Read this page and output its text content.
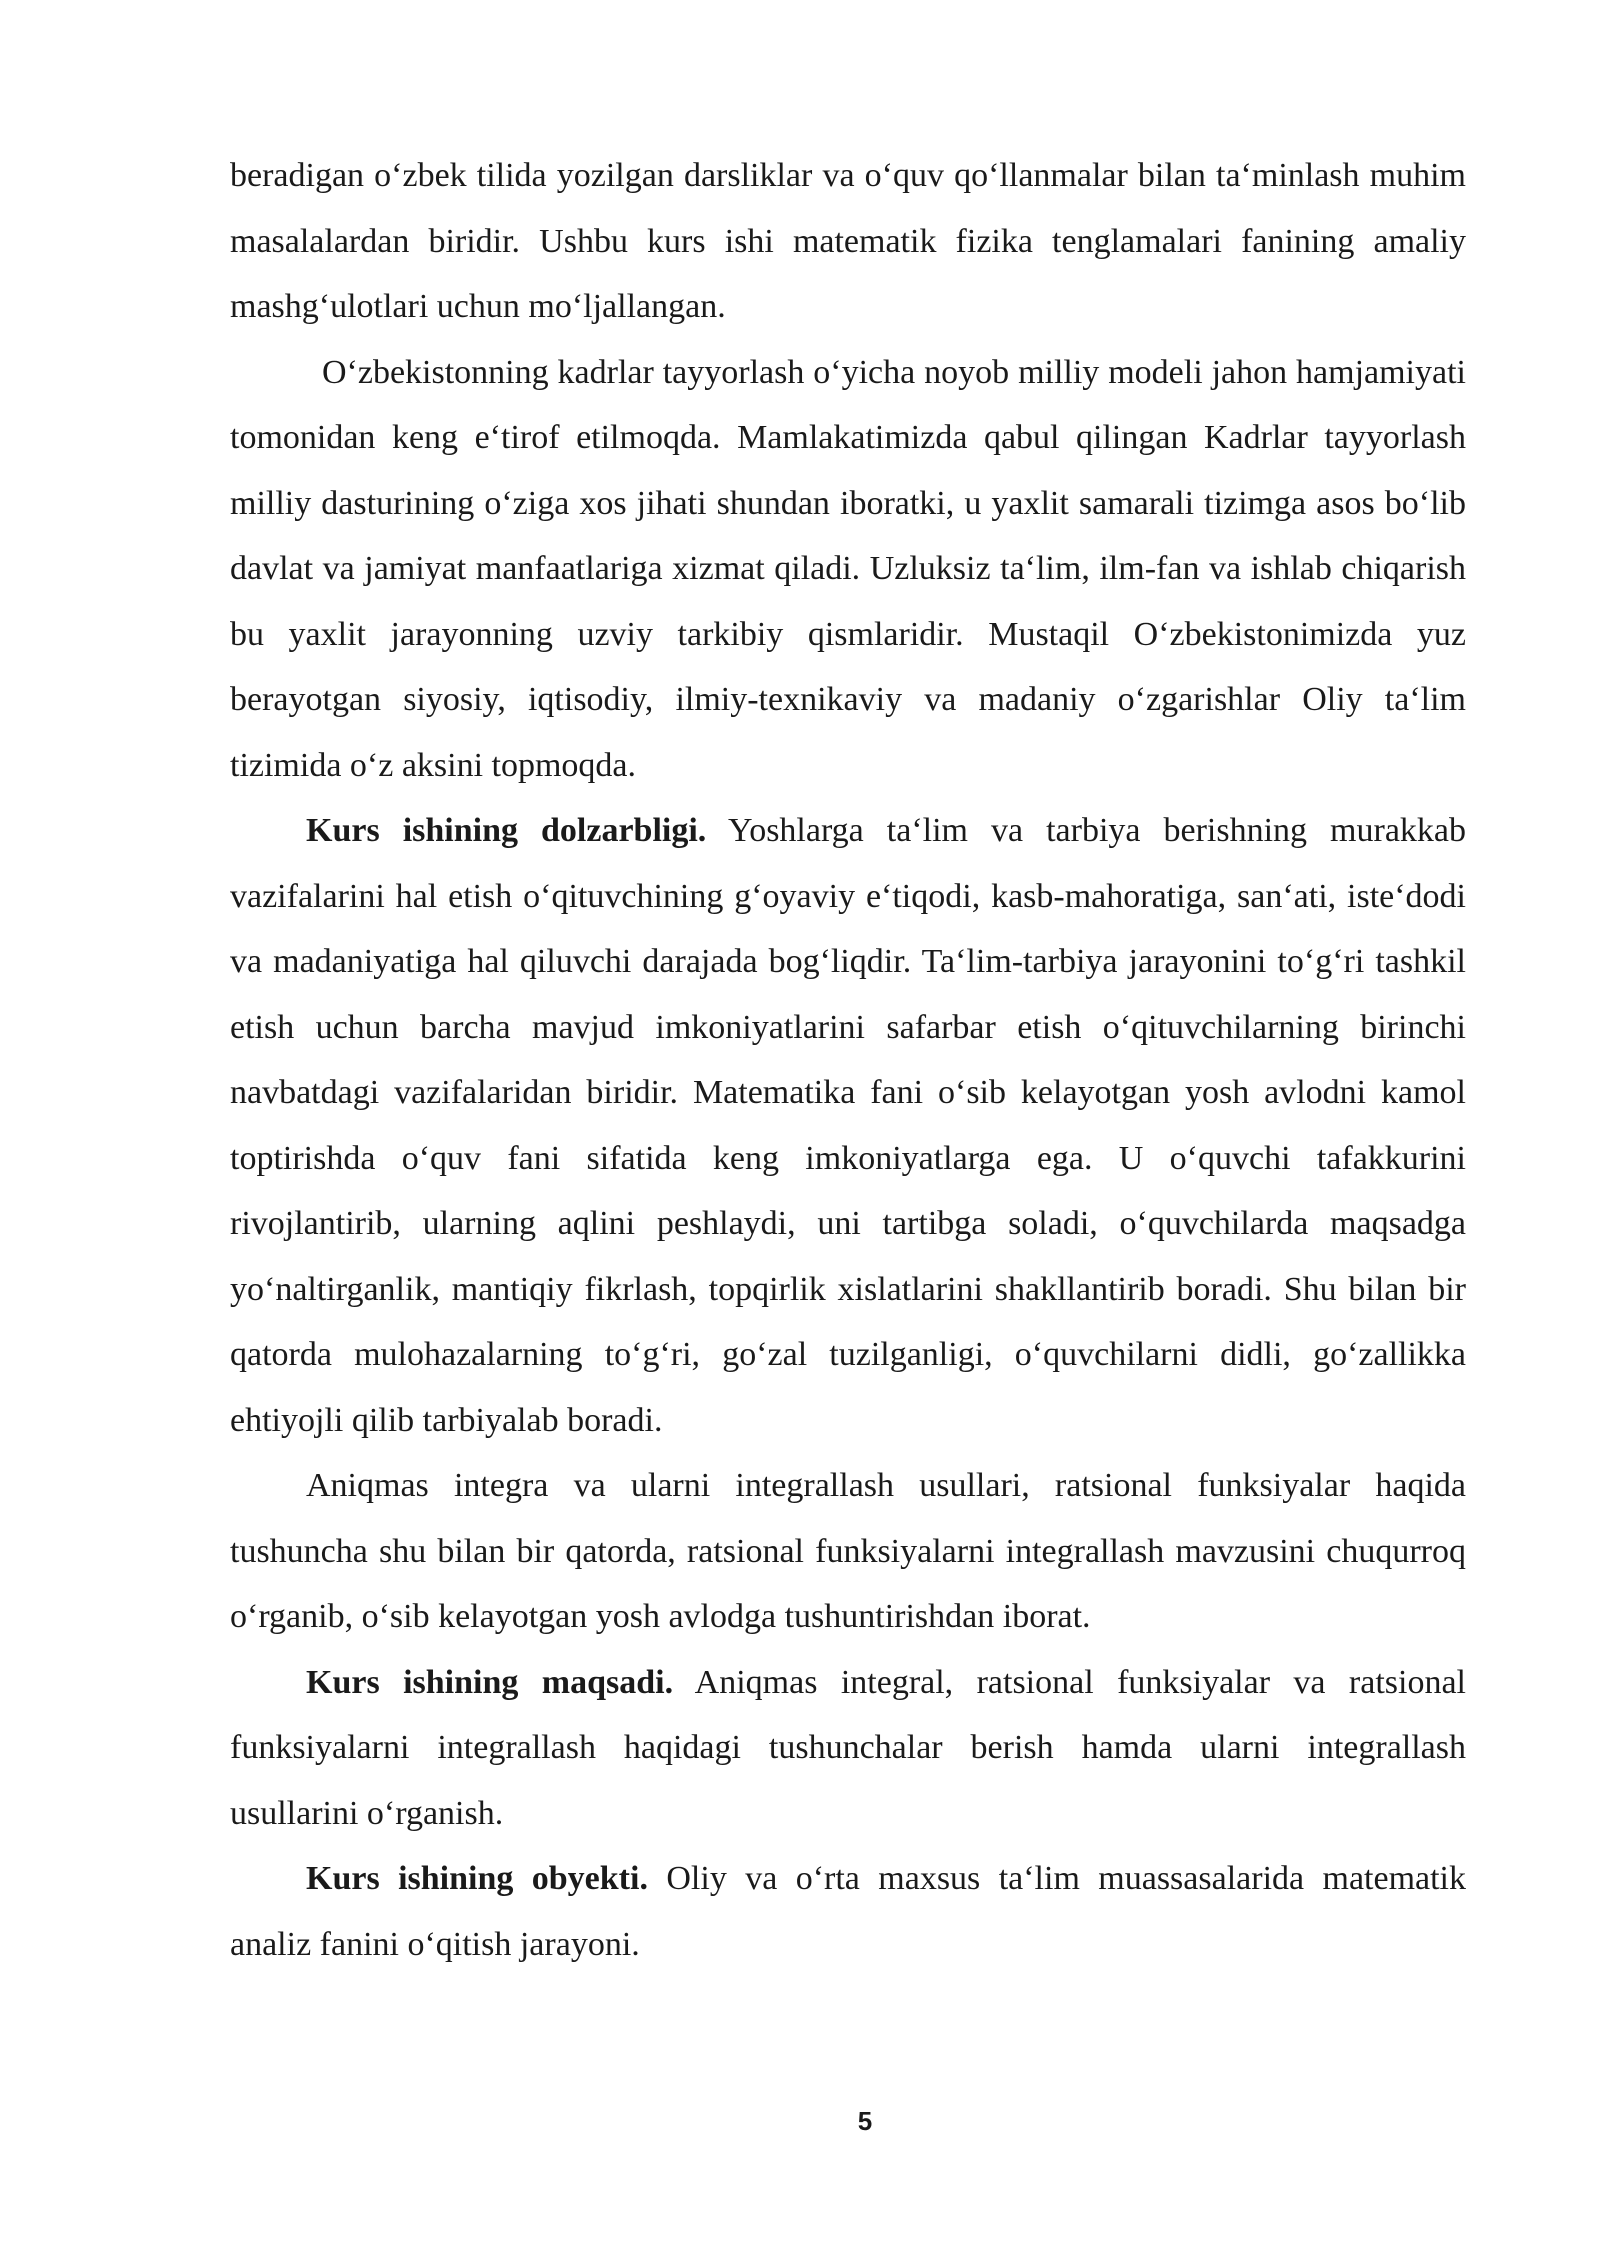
beradigan o‘zbek tilida yozilgan darsliklar va o‘quv qo‘llanmalar bilan ta‘minlash muhim masalalardan biridir. Ushbu kurs ishi matematik fizika tenglamalari fanining amaliy mashg‘ulotlari uchun mo‘ljallangan.

O‘zbekistonning kadrlar tayyorlash o‘yicha noyob milliy modeli jahon hamjamiyati tomonidan keng e‘tirof etilmoqda. Mamlakatimizda qabul qilingan Kadrlar tayyorlash milliy dasturining o‘ziga xos jihati shundan iboratki, u yaxlit samarali tizimga asos bo‘lib davlat va jamiyat manfaatlariga xizmat qiladi. Uzluksiz ta‘lim, ilm-fan va ishlab chiqarish bu yaxlit jarayonning uzviy tarkibiy qismlaridir. Mustaqil O‘zbekistonimizda yuz berayotgan siyosiy, iqtisodiy, ilmiy-texnikaviy va madaniy o‘zgarishlar Oliy ta‘lim tizimida o‘z aksini topmoqda.

Kurs ishining dolzarbligi. Yoshlarga ta‘lim va tarbiya berishning murakkab vazifalarini hal etish o‘qituvchining g‘oyaviy e‘tiqodi, kasb-mahoratiga, san‘ati, iste‘dodi va madaniyatiga hal qiluvchi darajada bog‘liqdir. Ta‘lim-tarbiya jarayonini to‘g‘ri tashkil etish uchun barcha mavjud imkoniyatlarini safarbar etish o‘qituvchilarning birinchi navbatdagi vazifalaridan biridir. Matematika fani o‘sib kelayotgan yosh avlodni kamol toptirishda o‘quv fani sifatida keng imkoniyatlarga ega. U o‘quvchi tafakkurini rivojlantirib, ularning aqlini peshlaydi, uni tartibga soladi, o‘quvchilarda maqsadga yo‘naltirganlik, mantiqiy fikrlash, topqirlik xislatlarini shakllantirib boradi. Shu bilan bir qatorda mulohazalarning to‘g‘ri, go‘zal tuzilganligi, o‘quvchilarni didli, go‘zallikka ehtiyojli qilib tarbiyalab boradi.

Aniqmas integra va ularni integrallash usullari, ratsional funksiyalar haqida tushuncha shu bilan bir qatorda, ratsional funksiyalarni integrallash mavzusini chuqurroq o‘rganib, o‘sib kelayotgan yosh avlodga tushuntirishdan iborat.

Kurs ishining maqsadi. Aniqmas integral, ratsional funksiyalar va ratsional funksiyalarni integrallash haqidagi tushunchalar berish hamda ularni integrallash usullarini o‘rganish.

Kurs ishining obyekti. Oliy va o‘rta maxsus ta‘lim muassasalarida matematik analiz fanini o‘qitish jarayoni.

5
